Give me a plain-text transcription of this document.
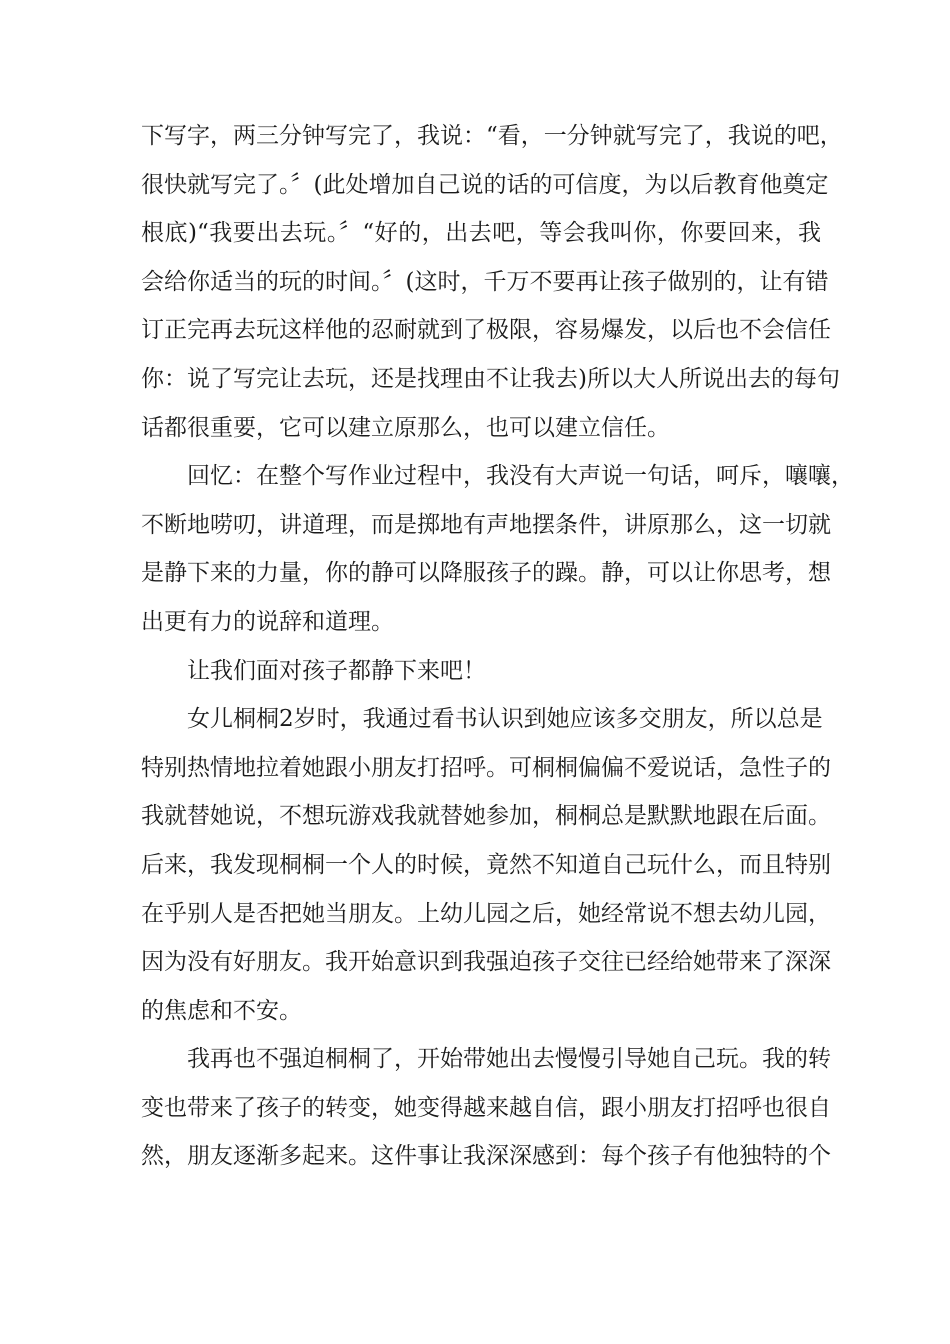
下写字，两三分钟写完了，我说：“看，一分钟就写完了，我说的吧，
很快就写完了。〞(此处增加自己说的话的可信度，为以后教育他奠定
根底)“我要出去玩。〞“好的，出去吧，等会我叫你，你要回来，我
会给你适当的玩的时间。〞(这时，千万不要再让孩子做别的，让有错
订正完再去玩这样他的忍耐就到了极限，容易爆发，以后也不会信任
你：说了写完让去玩，还是找理由不让我去)所以大人所说出去的每句
话都很重要，它可以建立原那么，也可以建立信任。
回忆：在整个写作业过程中，我没有大声说一句话，呵斥，嚷嚷，
不断地唠叨，讲道理，而是掷地有声地摆条件，讲原那么，这一切就
是静下来的力量，你的静可以降服孩子的躁。静，可以让你思考，想
出更有力的说辞和道理。
让我们面对孩子都静下来吧！
女儿桐桐2岁时，我通过看书认识到她应该多交朋友，所以总是
特别热情地拉着她跟小朋友打招呼。可桐桐偏偏不爱说话，急性子的
我就替她说，不想玩游戏我就替她参加，桐桐总是默默地跟在后面。
后来，我发现桐桐一个人的时候，竟然不知道自己玩什么，而且特别
在乎别人是否把她当朋友。上幼儿园之后，她经常说不想去幼儿园，
因为没有好朋友。我开始意识到我强迫孩子交往已经给她带来了深深
的焦虑和不安。
我再也不强迫桐桐了，开始带她出去慢慢引导她自己玩。我的转
变也带来了孩子的转变，她变得越来越自信，跟小朋友打招呼也很自
然，朋友逐渐多起来。这件事让我深深感到：每个孩子有他独特的个
